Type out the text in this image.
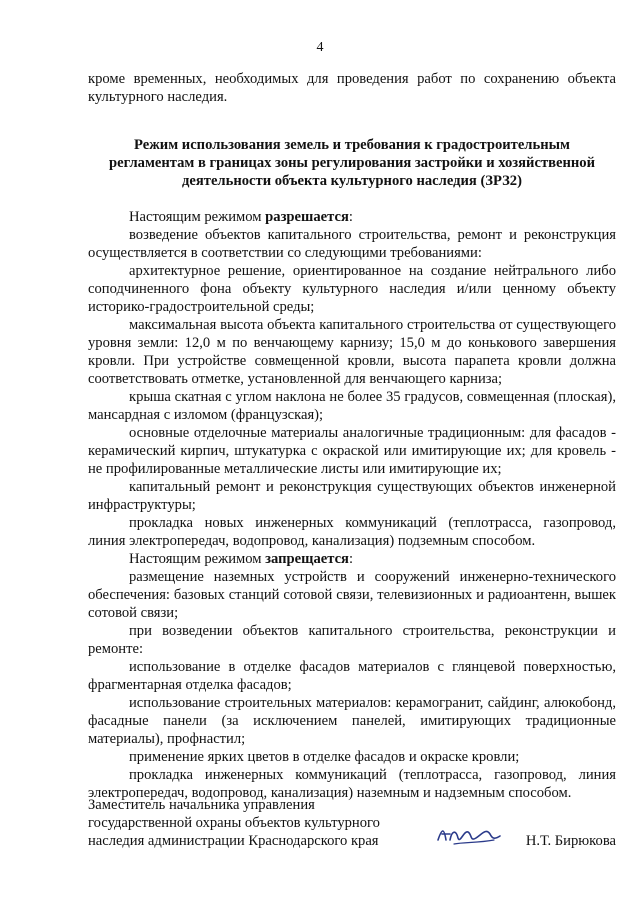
4

кроме временных, необходимых для проведения работ по сохранению объекта культурного наследия.

Режим использования земель и требования к градостроительным регламентам в границах зоны регулирования застройки и хозяйственной деятельности объекта культурного наследия (ЗРЗ2)

Настоящим режимом разрешается:

возведение объектов капитального строительства, ремонт и реконструкция осуществляется в соответствии со следующими требованиями:

архитектурное решение, ориентированное на создание нейтрального либо соподчиненного фона объекту культурного наследия и/или ценному объекту историко-градостроительной среды;

максимальная высота объекта капитального строительства от существующего уровня земли: 12,0 м по венчающему карнизу; 15,0 м до конькового завершения кровли. При устройстве совмещенной кровли, высота парапета кровли должна соответствовать отметке, установленной для венчающего карниза;

крыша скатная с углом наклона не более 35 градусов, совмещенная (плоская), мансардная с изломом (французская);

основные отделочные материалы аналогичные традиционным: для фасадов - керамический кирпич, штукатурка с окраской или имитирующие их; для кровель - не профилированные металлические листы или имитирующие их;

капитальный ремонт и реконструкция существующих объектов инженерной инфраструктуры;

прокладка новых инженерных коммуникаций (теплотрасса, газопровод, линия электропередач, водопровод, канализация) подземным способом.

Настоящим режимом запрещается:

размещение наземных устройств и сооружений инженерно-технического обеспечения: базовых станций сотовой связи, телевизионных и радиоантенн, вышек сотовой связи;

при возведении объектов капитального строительства, реконструкции и ремонте:

использование в отделке фасадов материалов с глянцевой поверхностью, фрагментарная отделка фасадов;

использование строительных материалов: керамогранит, сайдинг, алюкобонд, фасадные панели (за исключением панелей, имитирующих традиционные материалы), профнастил;

применение ярких цветов в отделке фасадов и окраске кровли;

прокладка инженерных коммуникаций (теплотрасса, газопровод, линия электропередач, водопровод, канализация) наземным и надземным способом.

Заместитель начальника управления
государственной охраны объектов культурного
наследия администрации Краснодарского края	Н.Т. Бирюкова
